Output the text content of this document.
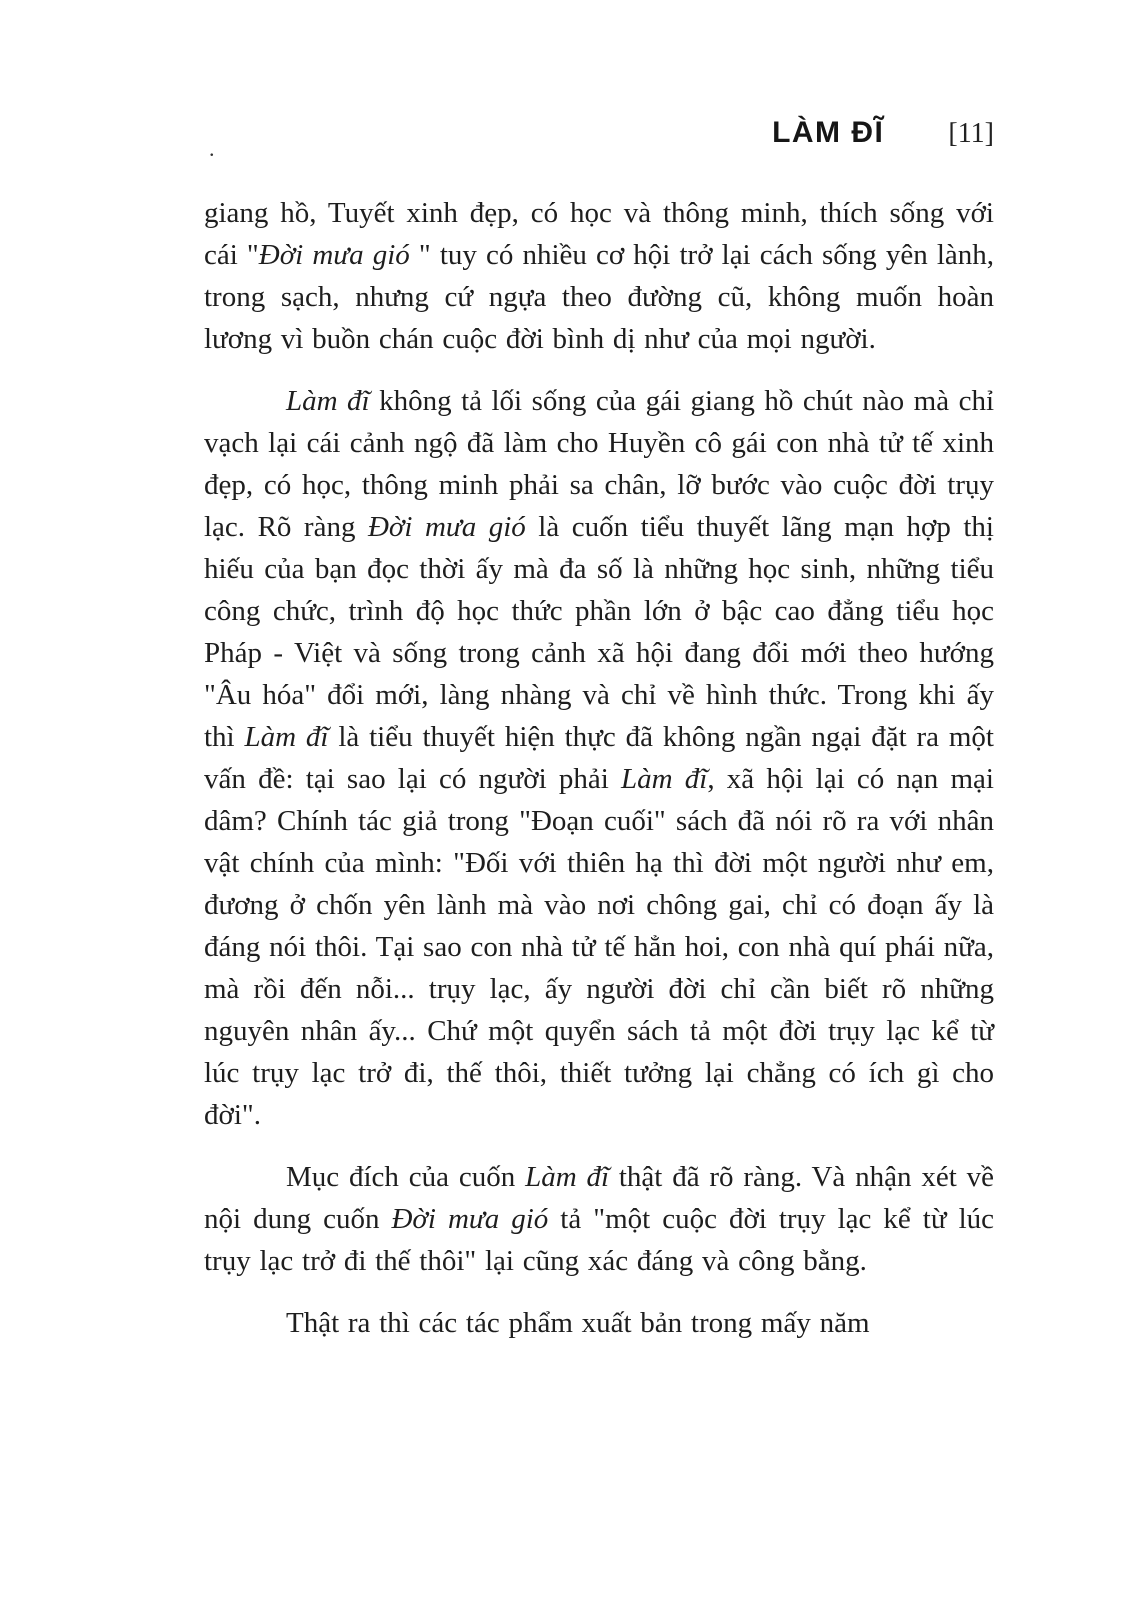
.	LÀM ĐĨ [11]

giang hồ, Tuyết xinh đẹp, có học và thông minh, thích sống với cái "Đời mưa gió " tuy có nhiều cơ hội trở lại cách sống yên lành, trong sạch, nhưng cứ ngựa theo đường cũ, không muốn hoàn lương vì buồn chán cuộc đời bình dị như của mọi người.

Làm đĩ không tả lối sống của gái giang hồ chút nào mà chỉ vạch lại cái cảnh ngộ đã làm cho Huyền cô gái con nhà tử tế xinh đẹp, có học, thông minh phải sa chân, lỡ bước vào cuộc đời trụy lạc. Rõ ràng Đời mưa gió là cuốn tiểu thuyết lãng mạn hợp thị hiếu của bạn đọc thời ấy mà đa số là những học sinh, những tiểu công chức, trình độ học thức phần lớn ở bậc cao đẳng tiểu học Pháp - Việt và sống trong cảnh xã hội đang đổi mới theo hướng "Âu hóa" đổi mới, làng nhàng và chỉ về hình thức. Trong khi ấy thì Làm đĩ là tiểu thuyết hiện thực đã không ngần ngại đặt ra một vấn đề: tại sao lại có người phải Làm đĩ, xã hội lại có nạn mại dâm? Chính tác giả trong "Đoạn cuối" sách đã nói rõ ra với nhân vật chính của mình: "Đối với thiên hạ thì đời một người như em, đương ở chốn yên lành mà vào nơi chông gai, chỉ có đoạn ấy là đáng nói thôi. Tại sao con nhà tử tế hẳn hoi, con nhà quí phái nữa, mà rồi đến nỗi... trụy lạc, ấy người đời chỉ cần biết rõ những nguyên nhân ấy... Chứ một quyển sách tả một đời trụy lạc kể từ lúc trụy lạc trở đi, thế thôi, thiết tưởng lại chẳng có ích gì cho đời".

Mục đích của cuốn Làm đĩ thật đã rõ ràng. Và nhận xét về nội dung cuốn Đời mưa gió tả "một cuộc đời trụy lạc kể từ lúc trụy lạc trở đi thế thôi" lại cũng xác đáng và công bằng.

Thật ra thì các tác phẩm xuất bản trong mấy năm
